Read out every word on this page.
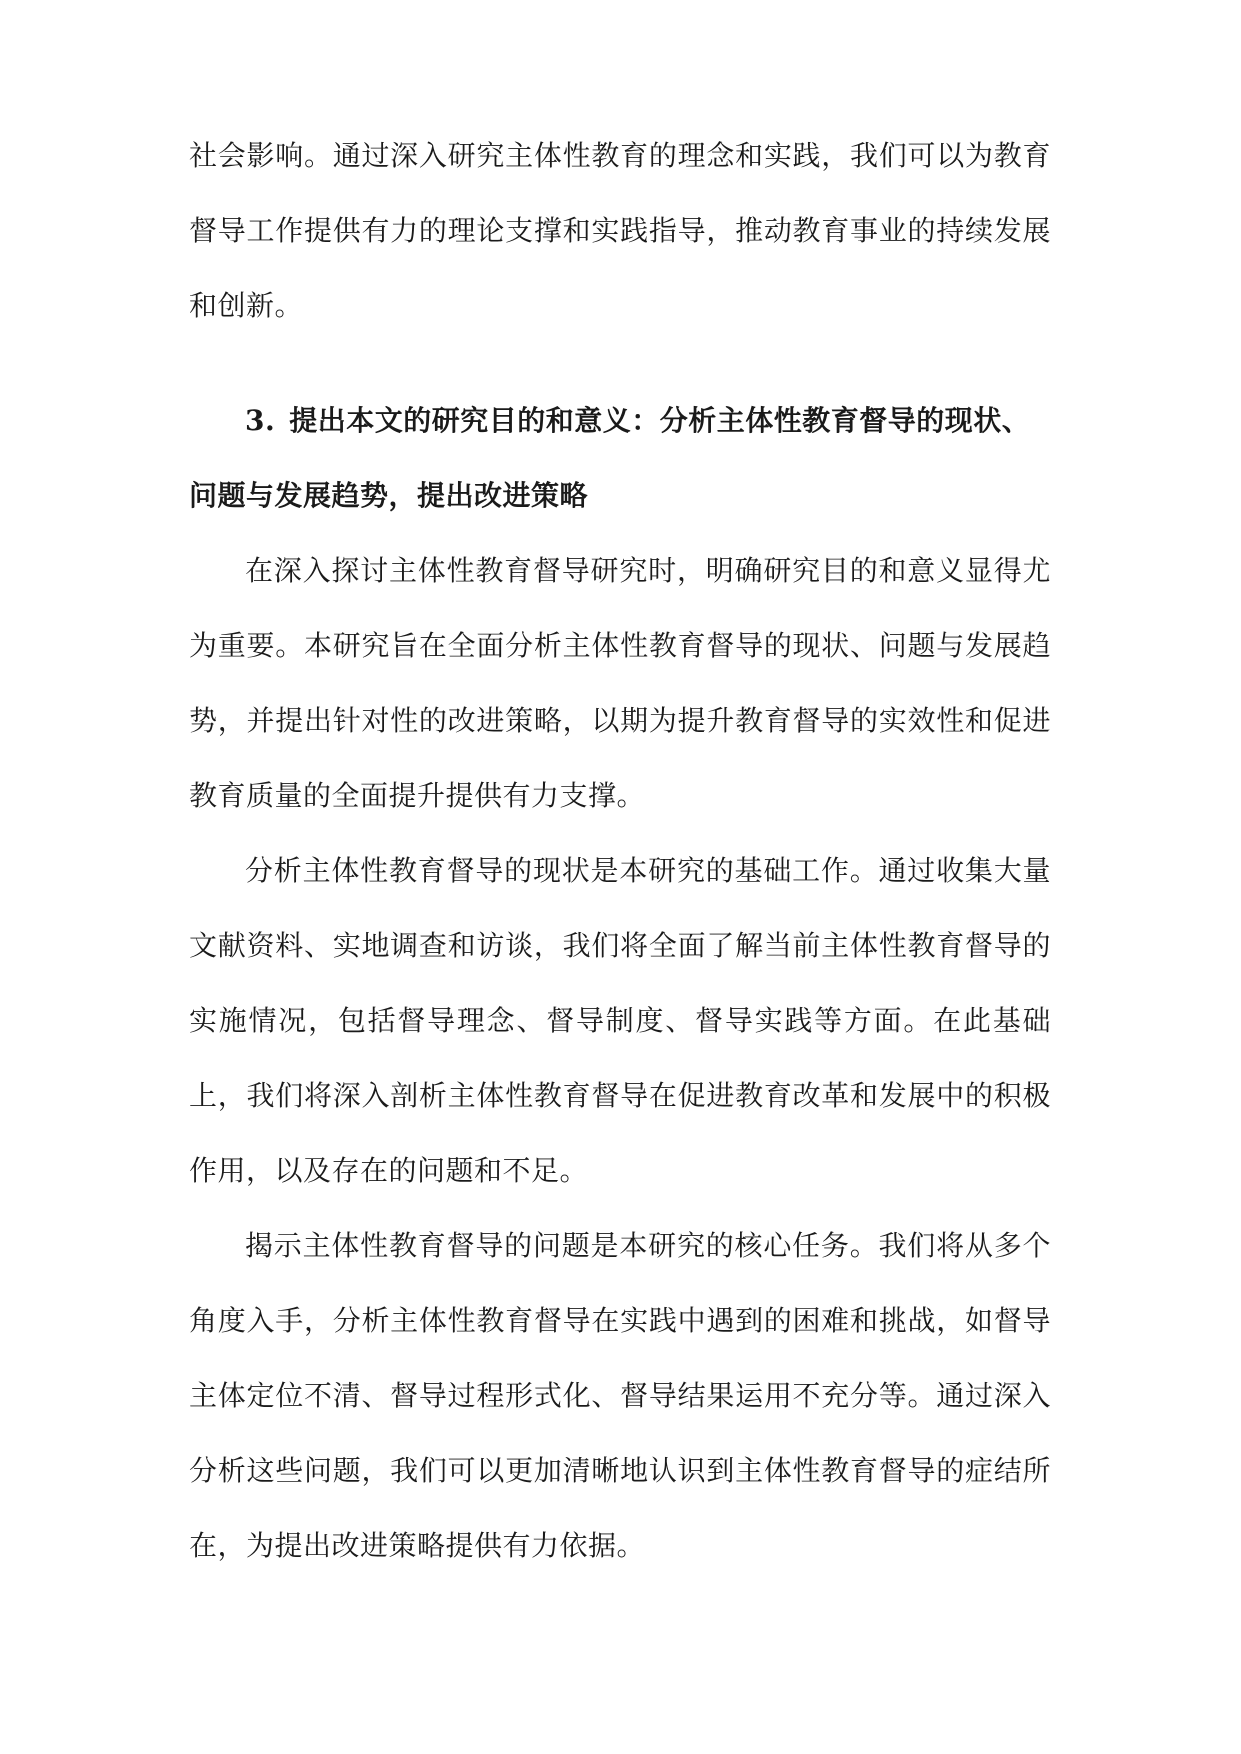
社会影响。通过深入研究主体性教育的理念和实践，我们可以为教育督导工作提供有力的理论支撑和实践指导，推动教育事业的持续发展和创新。

3. 提出本文的研究目的和意义：分析主体性教育督导的现状、问题与发展趋势，提出改进策略

在深入探讨主体性教育督导研究时，明确研究目的和意义显得尤为重要。本研究旨在全面分析主体性教育督导的现状、问题与发展趋势，并提出针对性的改进策略，以期为提升教育督导的实效性和促进教育质量的全面提升提供有力支撑。

分析主体性教育督导的现状是本研究的基础工作。通过收集大量文献资料、实地调查和访谈，我们将全面了解当前主体性教育督导的实施情况，包括督导理念、督导制度、督导实践等方面。在此基础上，我们将深入剖析主体性教育督导在促进教育改革和发展中的积极作用，以及存在的问题和不足。

揭示主体性教育督导的问题是本研究的核心任务。我们将从多个角度入手，分析主体性教育督导在实践中遇到的困难和挑战，如督导主体定位不清、督导过程形式化、督导结果运用不充分等。通过深入分析这些问题，我们可以更加清晰地认识到主体性教育督导的症结所在，为提出改进策略提供有力依据。
